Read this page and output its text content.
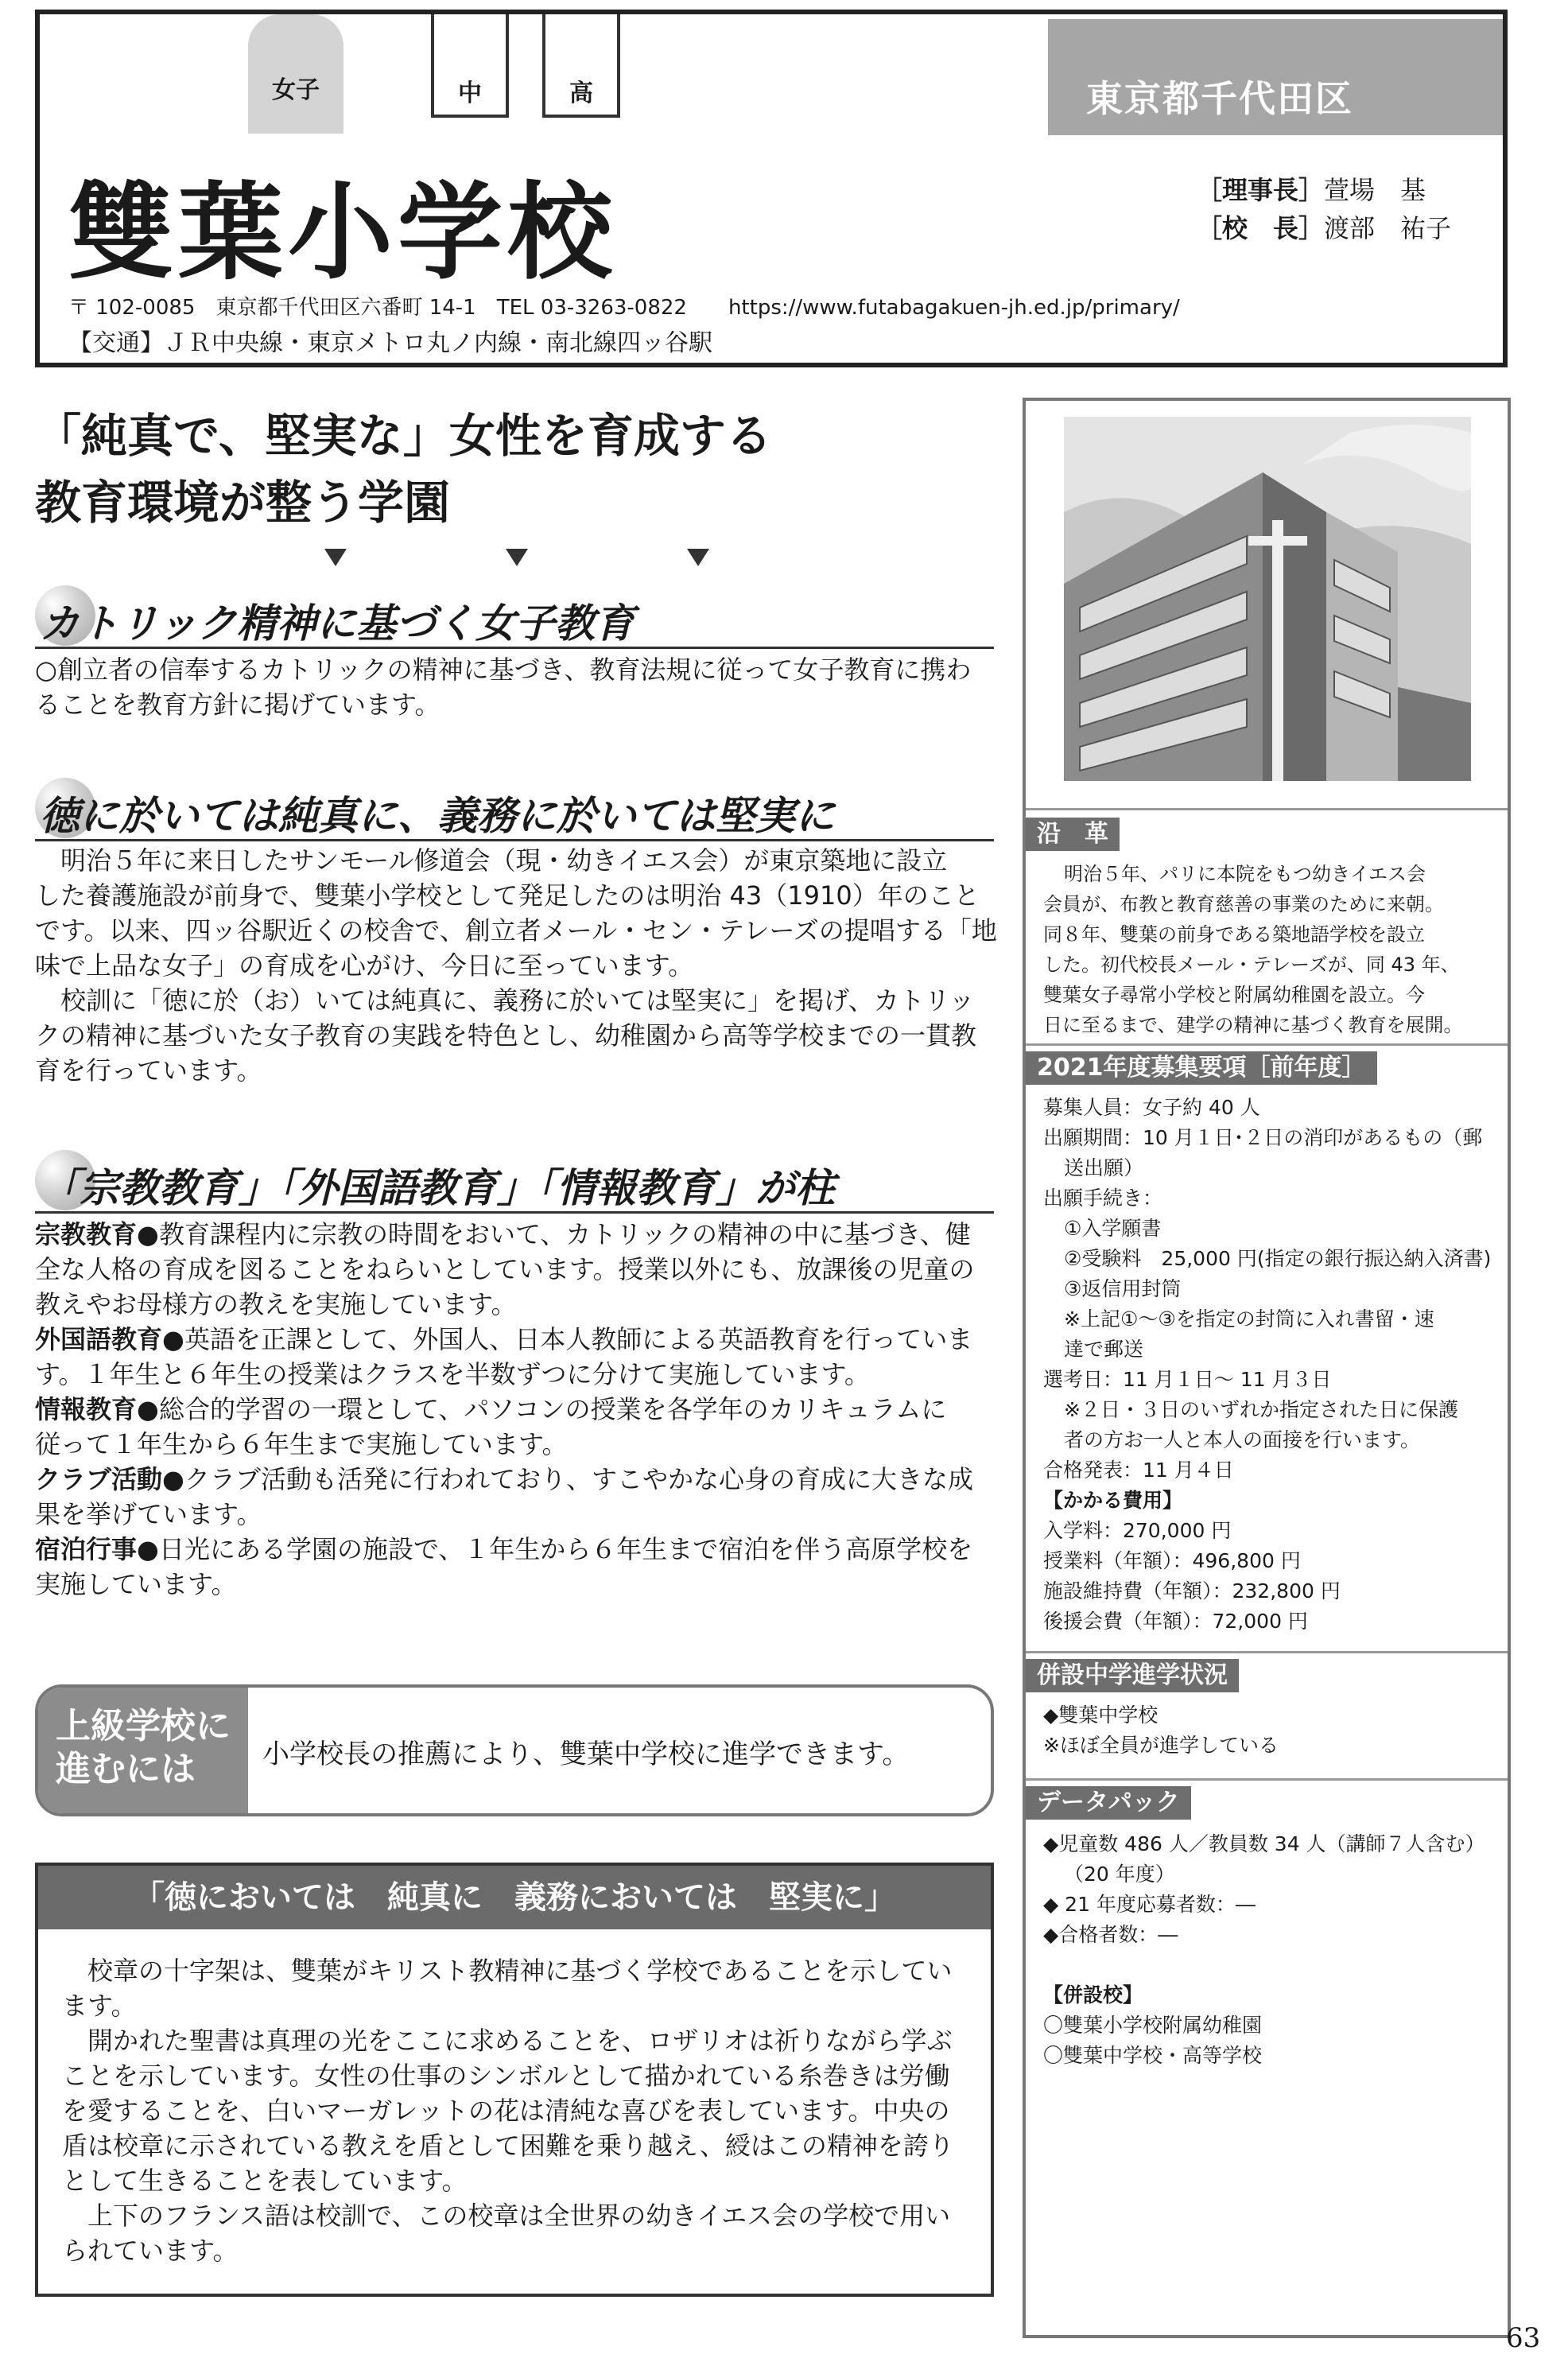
女子	中	高	東京都千代田区
雙葉小学校	［理事長］萱場　基
［校　長］渡部　祐子
〒 102-0085　東京都千代田区六番町 14-1　TEL 03-3263-0822　　https://www.futabagakuen-jh.ed.jp/primary/
【交通】ＪＲ中央線・東京メトロ丸ノ内線・南北線四ッ谷駅
「純真で、堅実な」女性を育成する
教育環境が整う学園
カトリック精神に基づく女子教育

○創立者の信奉するカトリックの精神に基づき、教育法規に従って女子教育に携わ

ることを教育方針に掲げています。

徳に於いては純真に、義務に於いては堅実に

明治５年に来日したサンモール修道会（現・幼きイエス会）が東京築地に設立

した養護施設が前身で、雙葉小学校として発足したのは明治 43（1910）年のこと

です。以来、四ッ谷駅近くの校舎で、創立者メール・セン・テレーズの提唱する「地

味で上品な女子」の育成を心がけ、今日に至っています。

校訓に「徳に於（お）いては純真に、義務に於いては堅実に」を掲げ、カトリッ

クの精神に基づいた女子教育の実践を特色とし、幼稚園から高等学校までの一貫教

育を行っています。

「宗教教育」「外国語教育」「情報教育」が柱

宗教教育●教育課程内に宗教の時間をおいて、カトリックの精神の中に基づき、健

全な人格の育成を図ることをねらいとしています。授業以外にも、放課後の児童の

教えやお母様方の教えを実施しています。

外国語教育●英語を正課として、外国人、日本人教師による英語教育を行っていま

す。１年生と６年生の授業はクラスを半数ずつに分けて実施しています。

情報教育●総合的学習の一環として、パソコンの授業を各学年のカリキュラムに

従って１年生から６年生まで実施しています。

クラブ活動●クラブ活動も活発に行われており、すこやかな心身の育成に大きな成

果を挙げています。

宿泊行事●日光にある学園の施設で、１年生から６年生まで宿泊を伴う高原学校を

実施しています。

上級学校に
進むには	小学校長の推薦により、雙葉中学校に進学できます。
「徳においては　純真に　義務においては　堅実に」

校章の十字架は、雙葉がキリスト教精神に基づく学校であることを示してい

ます。

開かれた聖書は真理の光をここに求めることを、ロザリオは祈りながら学ぶ

ことを示しています。女性の仕事のシンボルとして描かれている糸巻きは労働

を愛することを、白いマーガレットの花は清純な喜びを表しています。中央の

盾は校章に示されている教えを盾として困難を乗り越え、綬はこの精神を誇り

として生きることを表しています。

上下のフランス語は校訓で、この校章は全世界の幼きイエス会の学校で用い

られています。

沿　革

明治５年、パリに本院をもつ幼きイエス会

会員が、布教と教育慈善の事業のために来朝。

同８年、雙葉の前身である築地語学校を設立

した。初代校長メール・テレーズが、同 43 年、

雙葉女子尋常小学校と附属幼稚園を設立。今

日に至るまで、建学の精神に基づく教育を展開。

2021年度募集要項［前年度］

募集人員：女子約 40 人

出願期間：10 月１日･２日の消印があるもの（郵

送出願）

出願手続き：

①入学願書

②受験料　25,000 円(指定の銀行振込納入済書)

③返信用封筒

※上記①～③を指定の封筒に入れ書留・速

達で郵送

選考日：11 月１日～ 11 月３日

※２日・３日のいずれか指定された日に保護

者の方お一人と本人の面接を行います。

合格発表：11 月４日

【かかる費用】

入学料：270,000 円

授業料（年額）：496,800 円

施設維持費（年額）：232,800 円

後援会費（年額）：72,000 円

併設中学進学状況

◆雙葉中学校

※ほぼ全員が進学している

データパック

◆児童数 486 人／教員数 34 人（講師７人含む）

（20 年度）

◆ 21 年度応募者数：―

◆合格者数：―

【併設校】

〇雙葉小学校附属幼稚園

〇雙葉中学校・高等学校

63
